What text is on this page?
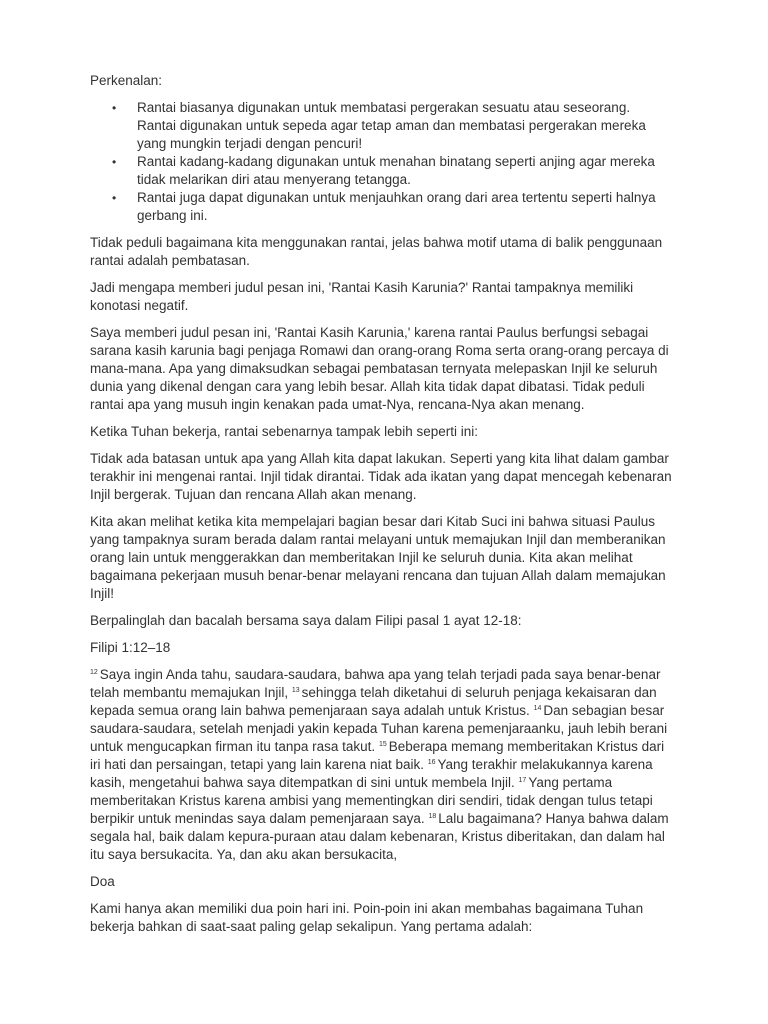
Perkenalan:

• Rantai biasanya digunakan untuk membatasi pergerakan sesuatu atau seseorang. Rantai digunakan untuk sepeda agar tetap aman dan membatasi pergerakan mereka yang mungkin terjadi dengan pencuri!
• Rantai kadang-kadang digunakan untuk menahan binatang seperti anjing agar mereka tidak melarikan diri atau menyerang tetangga.
• Rantai juga dapat digunakan untuk menjauhkan orang dari area tertentu seperti halnya gerbang ini.

Tidak peduli bagaimana kita menggunakan rantai, jelas bahwa motif utama di balik penggunaan rantai adalah pembatasan.

Jadi mengapa memberi judul pesan ini, 'Rantai Kasih Karunia?' Rantai tampaknya memiliki konotasi negatif.

Saya memberi judul pesan ini, 'Rantai Kasih Karunia,' karena rantai Paulus berfungsi sebagai sarana kasih karunia bagi penjaga Romawi dan orang-orang Roma serta orang-orang percaya di mana-mana. Apa yang dimaksudkan sebagai pembatasan ternyata melepaskan Injil ke seluruh dunia yang dikenal dengan cara yang lebih besar. Allah kita tidak dapat dibatasi. Tidak peduli rantai apa yang musuh ingin kenakan pada umat-Nya, rencana-Nya akan menang.

Ketika Tuhan bekerja, rantai sebenarnya tampak lebih seperti ini:

Tidak ada batasan untuk apa yang Allah kita dapat lakukan. Seperti yang kita lihat dalam gambar terakhir ini mengenai rantai. Injil tidak dirantai. Tidak ada ikatan yang dapat mencegah kebenaran Injil bergerak. Tujuan dan rencana Allah akan menang.

Kita akan melihat ketika kita mempelajari bagian besar dari Kitab Suci ini bahwa situasi Paulus yang tampaknya suram berada dalam rantai melayani untuk memajukan Injil dan memberanikan orang lain untuk menggerakkan dan memberitakan Injil ke seluruh dunia. Kita akan melihat bagaimana pekerjaan musuh benar-benar melayani rencana dan tujuan Allah dalam memajukan Injil!

Berpalinglah dan bacalah bersama saya dalam Filipi pasal 1 ayat 12-18:

Filipi 1:12–18

$^{12}$ Saya ingin Anda tahu, saudara-saudara, bahwa apa yang telah terjadi pada saya benar-benar telah membantu memajukan Injil, $^{13}$ sehingga telah diketahui di seluruh penjaga kekaisaran dan kepada semua orang lain bahwa pemenjaraan saya adalah untuk Kristus. $^{14}$ Dan sebagian besar saudara-saudara, setelah menjadi yakin kepada Tuhan karena pemenjaraanku, jauh lebih berani untuk mengucapkan firman itu tanpa rasa takut. $^{15}$ Beberapa memang memberitakan Kristus dari iri hati dan persaingan, tetapi yang lain karena niat baik. $^{16}$ Yang terakhir melakukannya karena kasih, mengetahui bahwa saya ditempatkan di sini untuk membela Injil. $^{17}$ Yang pertama memberitakan Kristus karena ambisi yang mementingkan diri sendiri, tidak dengan tulus tetapi berpikir untuk menindas saya dalam pemenjaraan saya. $^{18}$ Lalu bagaimana? Hanya bahwa dalam segala hal, baik dalam kepura-puraan atau dalam kebenaran, Kristus diberitakan, dan dalam hal itu saya bersukacita. Ya, dan aku akan bersukacita,

Doa

Kami hanya akan memiliki dua poin hari ini. Poin-poin ini akan membahas bagaimana Tuhan bekerja bahkan di saat-saat paling gelap sekalipun. Yang pertama adalah:
